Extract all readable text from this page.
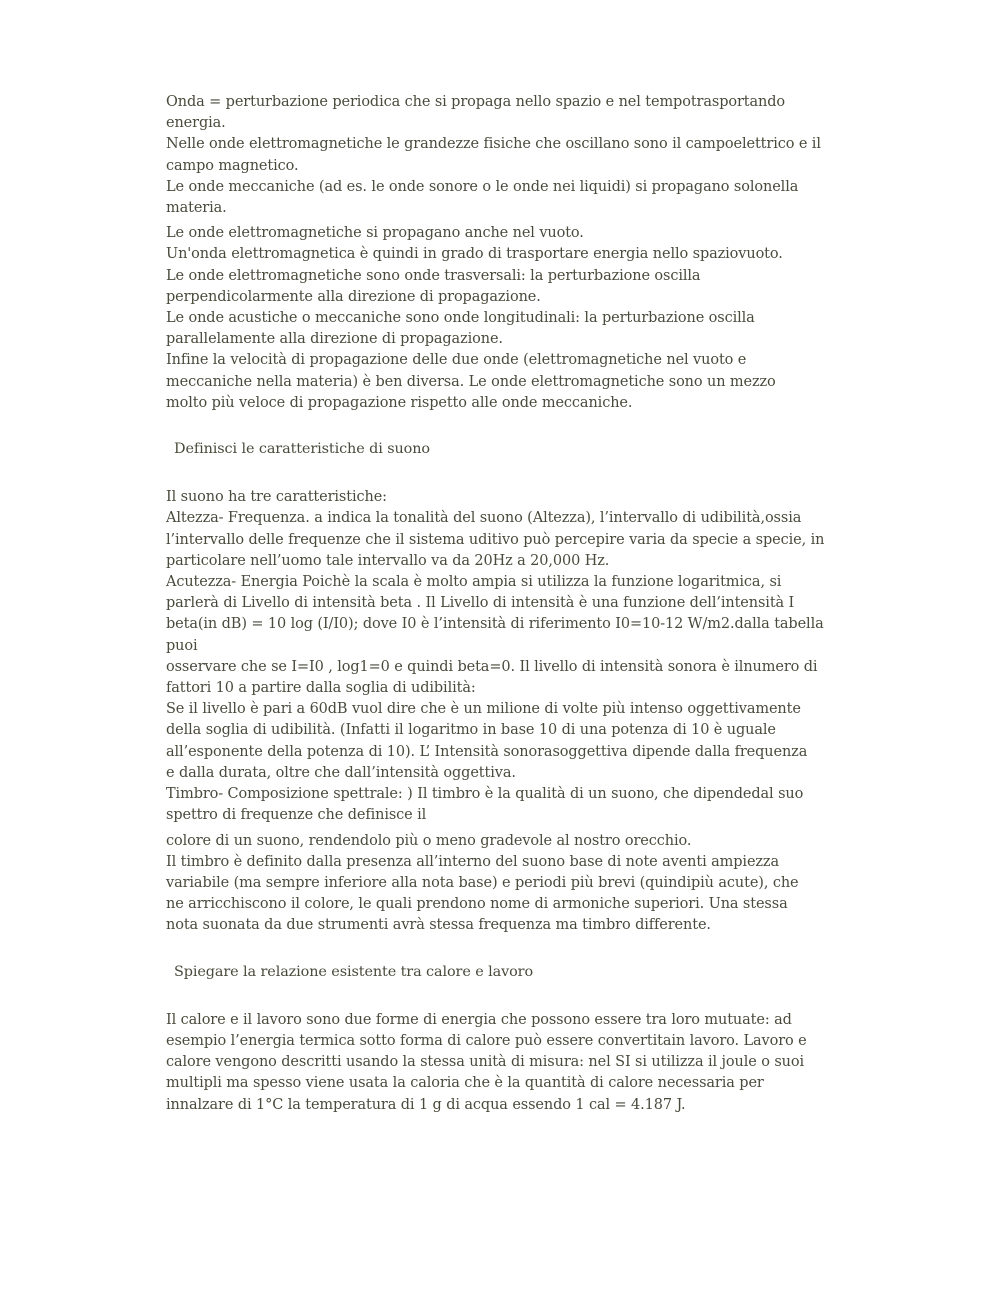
Onda = perturbazione periodica che si propaga nello spazio e nel tempotrasportando
energia.
Nelle onde elettromagnetiche le grandezze fisiche che oscillano sono il campoelettrico e il
campo magnetico.
Le onde meccaniche (ad es. le onde sonore o le onde nei liquidi) si propagano solonella
materia.
Le onde elettromagnetiche si propagano anche nel vuoto.
Un'onda elettromagnetica è quindi in grado di trasportare energia nello spaziovuoto.
Le onde elettromagnetiche sono onde trasversali: la perturbazione oscilla
perpendicolarmente alla direzione di propagazione.
Le onde acustiche o meccaniche sono onde longitudinali: la perturbazione oscilla
parallelamente alla direzione di propagazione.
Infine la velocità di propagazione delle due onde (elettromagnetiche nel vuoto e
meccaniche nella materia) è ben diversa. Le onde elettromagnetiche sono un mezzo
molto più veloce di propagazione rispetto alle onde meccaniche.
Definisci le caratteristiche di suono
Il suono ha tre caratteristiche:
Altezza- Frequenza. a indica la tonalità del suono (Altezza), l’intervallo di udibilità,ossia
l’intervallo delle frequenze che il sistema uditivo può percepire varia da specie a specie, in
particolare nell’uomo tale intervallo va da 20Hz a 20,000 Hz.
Acutezza- Energia Poichè la scala è molto ampia si utilizza la funzione logaritmica, si
parlerà di Livello di intensità beta . Il Livello di intensità è una funzione dell’intensità I
beta(in dB) = 10 log (I/I0); dove I0 è l’intensità di riferimento I0=10-12 W/m2.dalla tabella
puoi
osservare che se I=I0 , log1=0 e quindi beta=0. Il livello di intensità sonora è ilnumero di
fattori 10 a partire dalla soglia di udibilità:
Se il livello è pari a 60dB vuol dire che è un milione di volte più intenso oggettivamente
della soglia di udibilità. (Infatti il logaritmo in base 10 di una potenza di 10 è uguale
all’esponente della potenza di 10). L’ Intensità sonorasoggettiva dipende dalla frequenza
e dalla durata, oltre che dall’intensità oggettiva.
Timbro- Composizione spettrale: ) Il timbro è la qualità di un suono, che dipendedal suo
spettro di frequenze che definisce il
colore di un suono, rendendolo più o meno gradevole al nostro orecchio.
Il timbro è definito dalla presenza all’interno del suono base di note aventi ampiezza
variabile (ma sempre inferiore alla nota base) e periodi più brevi (quindipiù acute), che
ne arricchiscono il colore, le quali prendono nome di armoniche superiori. Una stessa
nota suonata da due strumenti avrà stessa frequenza ma timbro differente.
Spiegare la relazione esistente tra calore e lavoro
Il calore e il lavoro sono due forme di energia che possono essere tra loro mutuate: ad
esempio l’energia termica sotto forma di calore può essere convertitain lavoro. Lavoro e
calore vengono descritti usando la stessa unità di misura: nel SI si utilizza il joule o suoi
multipli ma spesso viene usata la caloria che è la quantità di calore necessaria per
innalzare di 1°C la temperatura di 1 g di acqua essendo 1 cal = 4.187 J.
